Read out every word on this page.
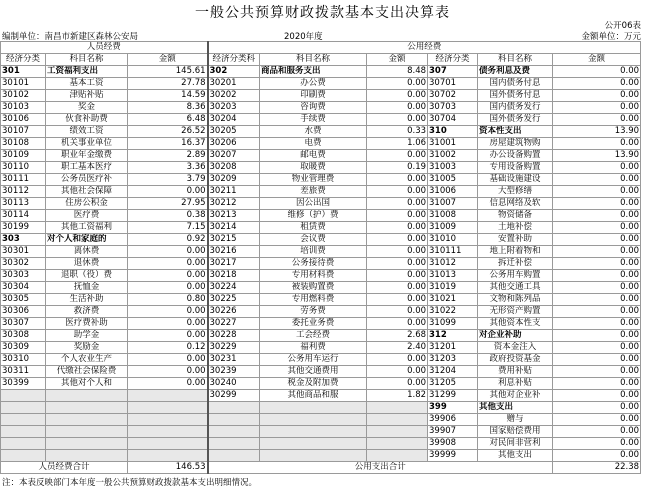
一般公共预算财政拨款基本支出决算表
公开06表
编制单位：南昌市新建区森林公安局	2020年度	金额单位：万元
人员经费			公用经费					
经济分类	科目名称	金额	经济分类科	科目名称	金额	经济分类	科目名称	金额
301	工资福利支出	145.61	302	商品和服务支出	8.48	307	债务利息及费	0.00
30101	基本工资	27.78	30201	办公费	0.00	30701	国内债务付息	0.00
30102	津贴补贴	14.59	30202	印刷费	0.00	30702	国外债务付息	0.00
30103	奖金	8.36	30203	咨询费	0.00	30703	国内债务发行	0.00
30106	伙食补助费	6.48	30204	手续费	0.00	30704	国外债务发行	0.00
30107	绩效工资	26.52	30205	水费	0.33	310	资本性支出	13.90
30108	机关事业单位	16.37	30206	电费	1.06	31001	房屋建筑物购	0.00
30109	职业年金缴费	2.89	30207	邮电费	0.00	31002	办公设备购置	13.90
30110	职工基本医疗	3.36	30208	取暖费	0.19	31003	专用设备购置	0.00
30111	公务员医疗补	3.79	30209	物业管理费	0.00	31005	基础设施建设	0.00
30112	其他社会保障	0.00	30211	差旅费	0.00	31006	大型修缮	0.00
30113	住房公积金	27.95	30212	因公出国	0.00	31007	信息网络及软	0.00
30114	医疗费	0.38	30213	维修（护）费	0.00	31008	物资储备	0.00
30199	其他工资福利	7.15	30214	租赁费	0.00	31009	土地补偿	0.00
303	对个人和家庭的	0.92	30215	会议费	0.00	31010	安置补助	0.00
30301	离休费	0.00	30216	培训费	0.00	310111	地上附着物和	0.00
30302	退休费	0.00	30217	公务接待费	0.00	31012	拆迁补偿	0.00
30303	退职（役）费	0.00	30218	专用材料费	0.00	31013	公务用车购置	0.00
30304	抚恤金	0.00	30224	被装购置费	0.00	31019	其他交通工具	0.00
30305	生活补助	0.80	30225	专用燃料费	0.00	31021	文物和陈列品	0.00
30306	救济费	0.00	30226	劳务费	0.00	31022	无形资产购置	0.00
30307	医疗费补助	0.00	30227	委托业务费	0.00	31099	其他资本性支	0.00
30308	助学金	0.00	30228	工会经费	2.68	312	对企业补助	0.00
30309	奖励金	0.12	30229	福利费	2.40	31201	资本金注入	0.00
30310	个人农业生产	0.00	30231	公务用车运行	0.00	31203	政府投资基金	0.00
30311	代缴社会保险费	0.00	30239	其他交通费用	0.00	31204	费用补贴	0.00
30399	其他对个人和	0.00	30240	税金及附加费	0.00	31205	利息补贴	0.00
			30299	其他商品和服	1.82	31299	其他对企业补	0.00
						399	其他支出	0.00
						39906	赠与	0.00
						39907	国家赔偿费用	0.00
						39908	对民间非营利	0.00
						39999	其他支出	0.00
人员经费合计		146.53	公用支出合计					22.38
注：本表反映部门本年度一般公共预算财政拨款基本支出明细情况。
